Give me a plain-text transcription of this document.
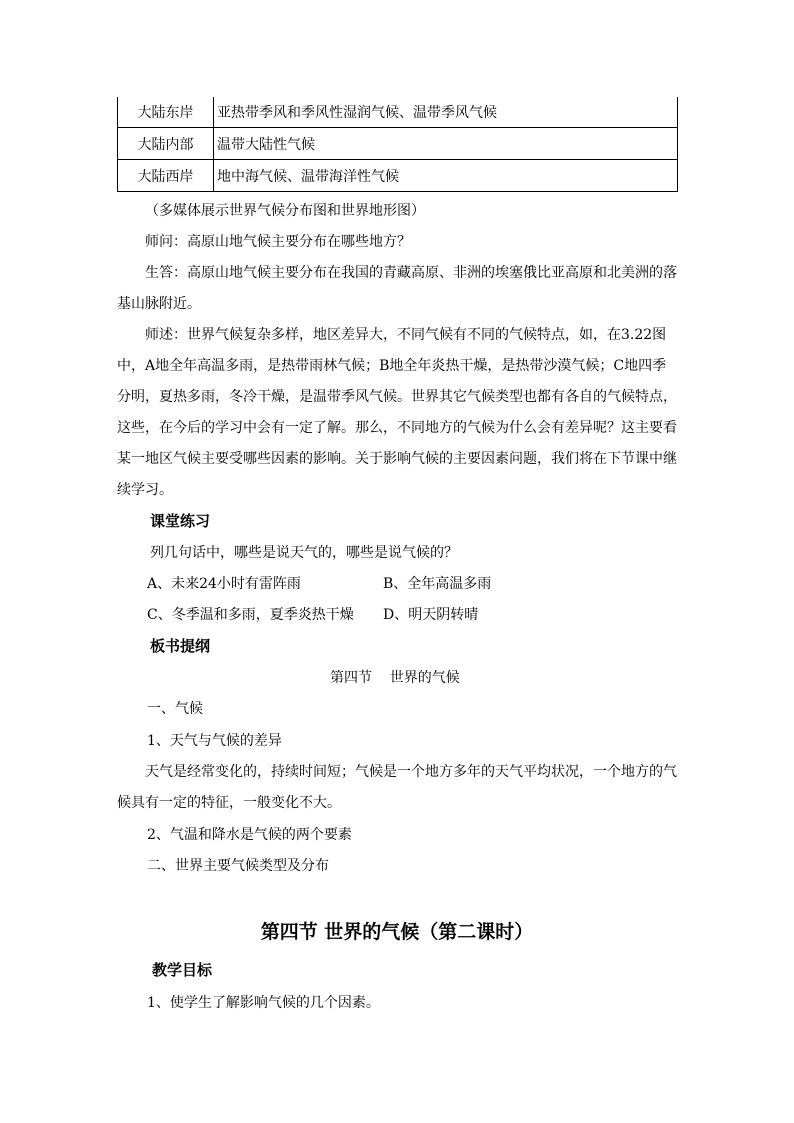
大陆东岸	亚热带季风和季风性湿润气候、温带季风气候
大陆内部	温带大陆性气候
大陆西岸	地中海气候、温带海洋性气候
（多媒体展示世界气候分布图和世界地形图）
师问：高原山地气候主要分布在哪些地方？
生答：高原山地气候主要分布在我国的青藏高原、非洲的埃塞俄比亚高原和北美洲的落基山脉附近。
师述：世界气候复杂多样，地区差异大，不同气候有不同的气候特点，如，在3.22图中，A地全年高温多雨，是热带雨林气候；B地全年炎热干燥，是热带沙漠气候；C地四季分明，夏热多雨，冬冷干燥，是温带季风气候。世界其它气候类型也都有各自的气候特点，这些，在今后的学习中会有一定了解。那么，不同地方的气候为什么会有差异呢？这主要看某一地区气候主要受哪些因素的影响。关于影响气候的主要因素问题，我们将在下节课中继续学习。
课堂练习
列几句话中，哪些是说天气的，哪些是说气候的？
A、未来24小时有雷阵雨	B、全年高温多雨
C、冬季温和多雨，夏季炎热干燥 D、明天阴转晴
板书提纲
第四节    世界的气候
一、气候
1、天气与气候的差异
天气是经常变化的，持续时间短；气候是一个地方多年的天气平均状况，一个地方的气候具有一定的特征，一般变化不大。
2、气温和降水是气候的两个要素
二、世界主要气候类型及分布
第四节 世界的气候（第二课时）
教学目标
1、使学生了解影响气候的几个因素。
